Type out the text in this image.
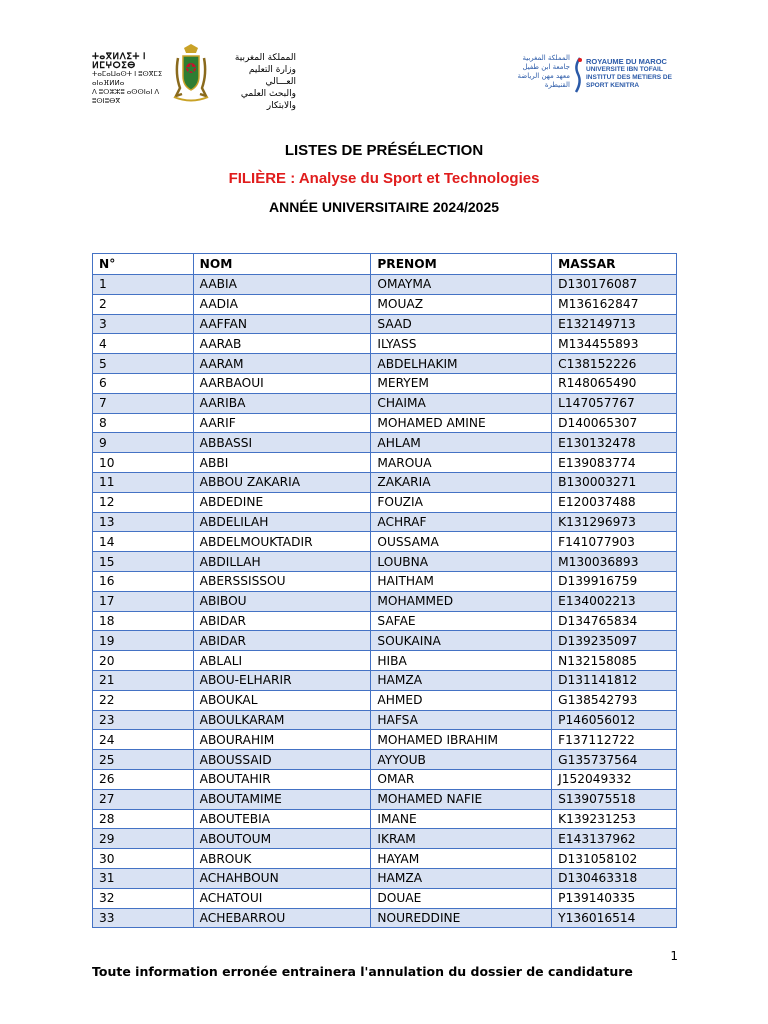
ⵜⴰⴳⵍⴷⵉⵜ ⵏ ⵍⵎⵖⵔⵉⴱ
ⵜⴰⵎⴰⵡⴰⵙⵜ ⵏ ⵓⵙⴳⵎⵉ ⴰⵏⴰⴼⵍⵍⴰ
ⴷ ⵓⵔⵣⵣⵓ ⴰⵙⵙⵏⴰⵏ ⴷ ⵓⵙⵏⵓⴱⴳ
المملكة المغربية
وزارة التعليم العـــالي
والبحث العلمي والابتكار
المملكة المغربية
جامعة ابن طفيل
معهد مهن الرياضة
القنيطرة
ROYAUME DU MAROC
UNIVERSITE IBN TOFAIL
INSTITUT DES METIERS DE
SPORT KENITRA
LISTES DE PRÉSÉLECTION
FILIÈRE : Analyse du Sport et Technologies
ANNÉE UNIVERSITAIRE 2024/2025
N°	NOM	PRENOM	MASSAR
1	AABIA	OMAYMA	D130176087
2	AADIA	MOUAZ	M136162847
3	AAFFAN	SAAD	E132149713
4	AARAB	ILYASS	M134455893
5	AARAM	ABDELHAKIM	C138152226
6	AARBAOUI	MERYEM	R148065490
7	AARIBA	CHAIMA	L147057767
8	AARIF	MOHAMED AMINE	D140065307
9	ABBASSI	AHLAM	E130132478
10	ABBI	MAROUA	E139083774
11	ABBOU ZAKARIA	ZAKARIA	B130003271
12	ABDEDINE	FOUZIA	E120037488
13	ABDELILAH	ACHRAF	K131296973
14	ABDELMOUKTADIR	OUSSAMA	F141077903
15	ABDILLAH	LOUBNA	M130036893
16	ABERSSISSOU	HAITHAM	D139916759
17	ABIBOU	MOHAMMED	E134002213
18	ABIDAR	SAFAE	D134765834
19	ABIDAR	SOUKAINA	D139235097
20	ABLALI	HIBA	N132158085
21	ABOU-ELHARIR	HAMZA	D131141812
22	ABOUKAL	AHMED	G138542793
23	ABOULKARAM	HAFSA	P146056012
24	ABOURAHIM	MOHAMED IBRAHIM	F137112722
25	ABOUSSAID	AYYOUB	G135737564
26	ABOUTAHIR	OMAR	J152049332
27	ABOUTAMIME	MOHAMED NAFIE	S139075518
28	ABOUTEBIA	IMANE	K139231253
29	ABOUTOUM	IKRAM	E143137962
30	ABROUK	HAYAM	D131058102
31	ACHAHBOUN	HAMZA	D130463318
32	ACHATOUI	DOUAE	P139140335
33	ACHEBARROU	NOUREDDINE	Y136016514
1
Toute information erronée entrainera l'annulation du dossier de candidature
